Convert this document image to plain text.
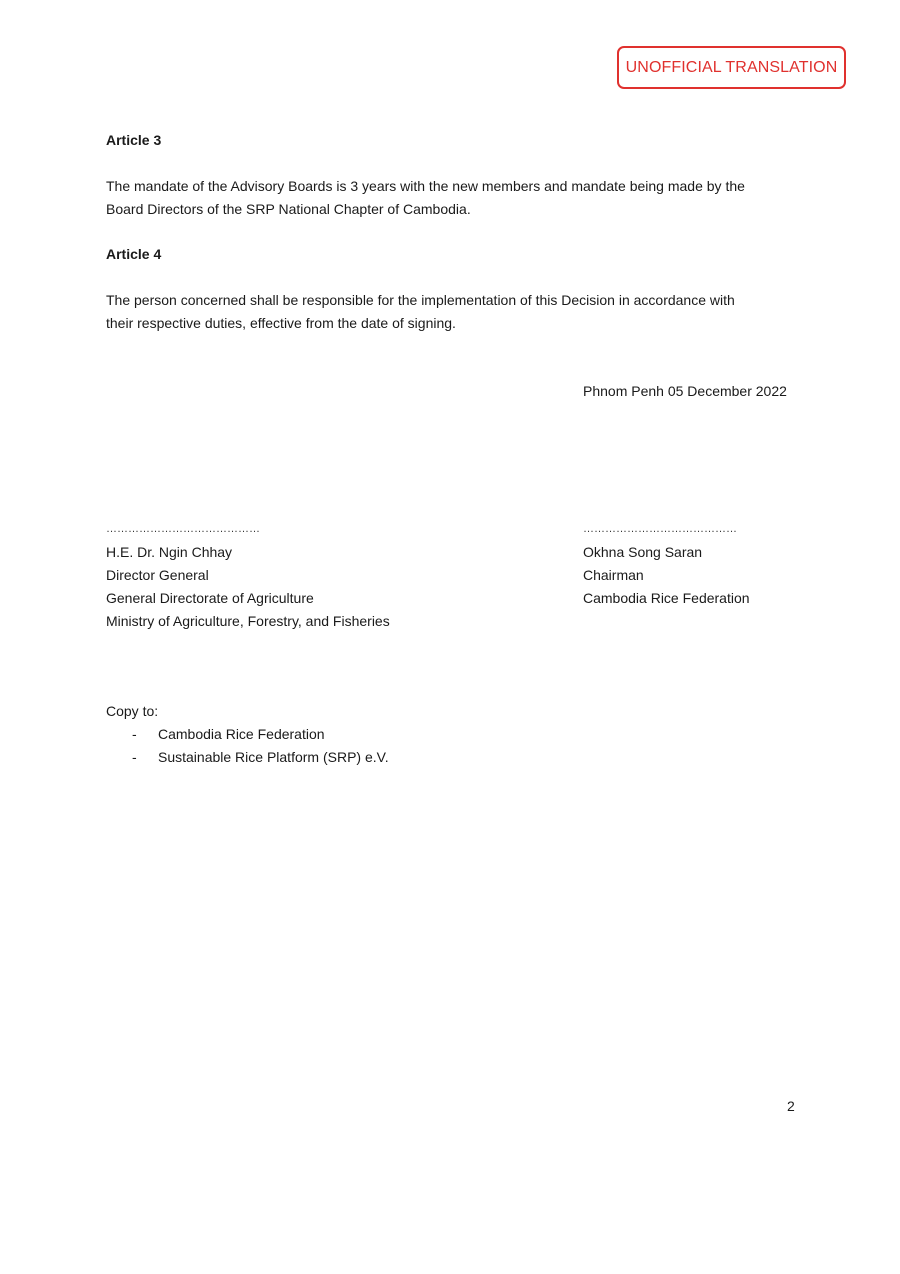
UNOFFICIAL TRANSLATION
Article 3
The mandate of the Advisory Boards is 3 years with the new members and mandate being made by the
Board Directors of the SRP National Chapter of Cambodia.
Article 4
The person concerned shall be responsible for the implementation of this Decision in accordance with
their respective duties, effective from the date of signing.
Phnom Penh 05 December 2022
……………………………………
H.E. Dr. Ngin Chhay
Director General
General Directorate of Agriculture
Ministry of Agriculture, Forestry, and Fisheries
……………………………………
Okhna Song Saran
Chairman
Cambodia Rice Federation
Copy to:
- Cambodia Rice Federation
- Sustainable Rice Platform (SRP) e.V.
2
